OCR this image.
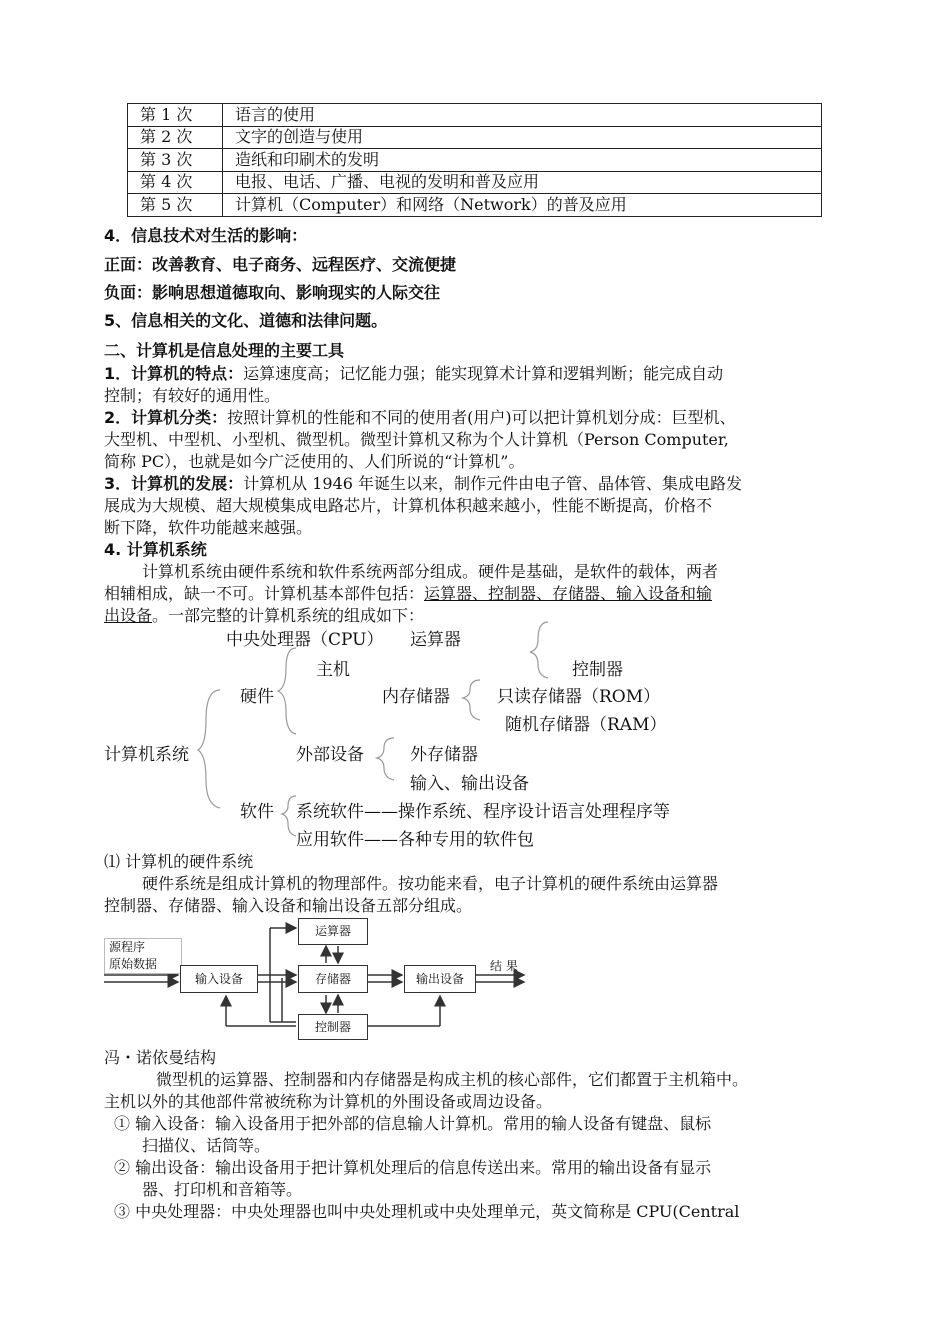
第 1 次	语言的使用
第 2 次	文字的创造与使用
第 3 次	造纸和印刷术的发明
第 4 次	电报、电话、广播、电视的发明和普及应用
第 5 次	计算机（Computer）和网络（Network）的普及应用
4．信息技术对生活的影响：
正面：改善教育、电子商务、远程医疗、交流便捷
负面：影响思想道德取向、影响现实的人际交往
5、信息相关的文化、道德和法律问题。
二、计算机是信息处理的主要工具
1．计算机的特点：运算速度高；记忆能力强；能实现算术计算和逻辑判断；能完成自动
控制；有较好的通用性。
2．计算机分类：按照计算机的性能和不同的使用者(用户)可以把计算机划分成：巨型机、
大型机、中型机、小型机、微型机。微型计算机又称为个人计算机（Person Computer,
简称 PC），也就是如今广泛使用的、人们所说的“计算机”。
3．计算机的发展：计算机从 1946 年诞生以来，制作元件由电子管、晶体管、集成电路发
展成为大规模、超大规模集成电路芯片，计算机体积越来越小，性能不断提高，价格不
断下降，软件功能越来越强。
4. 计算机系统
计算机系统由硬件系统和软件系统两部分组成。硬件是基础，是软件的载体，两者
相辅相成，缺一不可。计算机基本部件包括：运算器、控制器、存储器、输入设备和输
出设备。一部完整的计算机系统的组成如下：
中央处理器（CPU） 运算器
主机	控制器
硬件	内存储器	只读存储器（ROM）
随机存储器（RAM）
计算机系统	外部设备	外存储器
输入、输出设备
软件 系统软件——操作系统、程序设计语言处理程序等
应用软件——各种专用的软件包
⑴ 计算机的硬件系统
硬件系统是组成计算机的物理部件。按功能来看，电子计算机的硬件系统由运算器
控制器、存储器、输入设备和输出设备五部分组成。
源程序
原始数据
输入设备
运算器
存储器	输出设备
结 果
控制器
冯・诺依曼结构
微型机的运算器、控制器和内存储器是构成主机的核心部件，它们都置于主机箱中。
主机以外的其他部件常被统称为计算机的外围设备或周边设备。
① 输入设备：输入设备用于把外部的信息输人计算机。常用的输人设备有键盘、鼠标
扫描仪、话筒等。
② 输出设备：输出设备用于把计算机处理后的信息传送出来。常用的输出设备有显示
器、打印机和音箱等。
③ 中央处理器：中央处理器也叫中央处理机或中央处理单元，英文简称是 CPU(Central
